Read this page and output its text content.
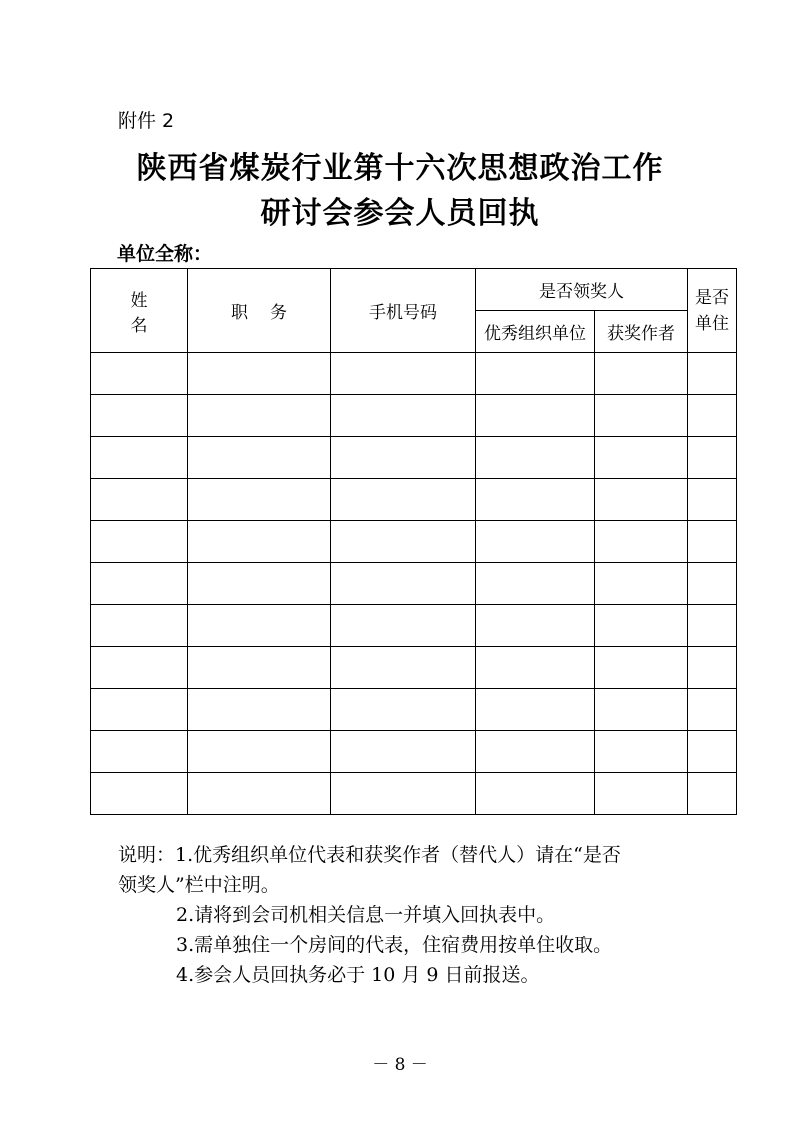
附件 2
陕西省煤炭行业第十六次思想政治工作
研讨会参会人员回执
单位全称：
姓名	职务	手机号码	是否领奖人		是否单住
			优秀组织单位	获奖作者	

说明：1.优秀组织单位代表和获奖作者（替代人）请在“是否
领奖人”栏中注明。
2.请将到会司机相关信息一并填入回执表中。
3.需单独住一个房间的代表，住宿费用按单住收取。
4.参会人员回执务必于 10 月 9 日前报送。
－ 8 －
